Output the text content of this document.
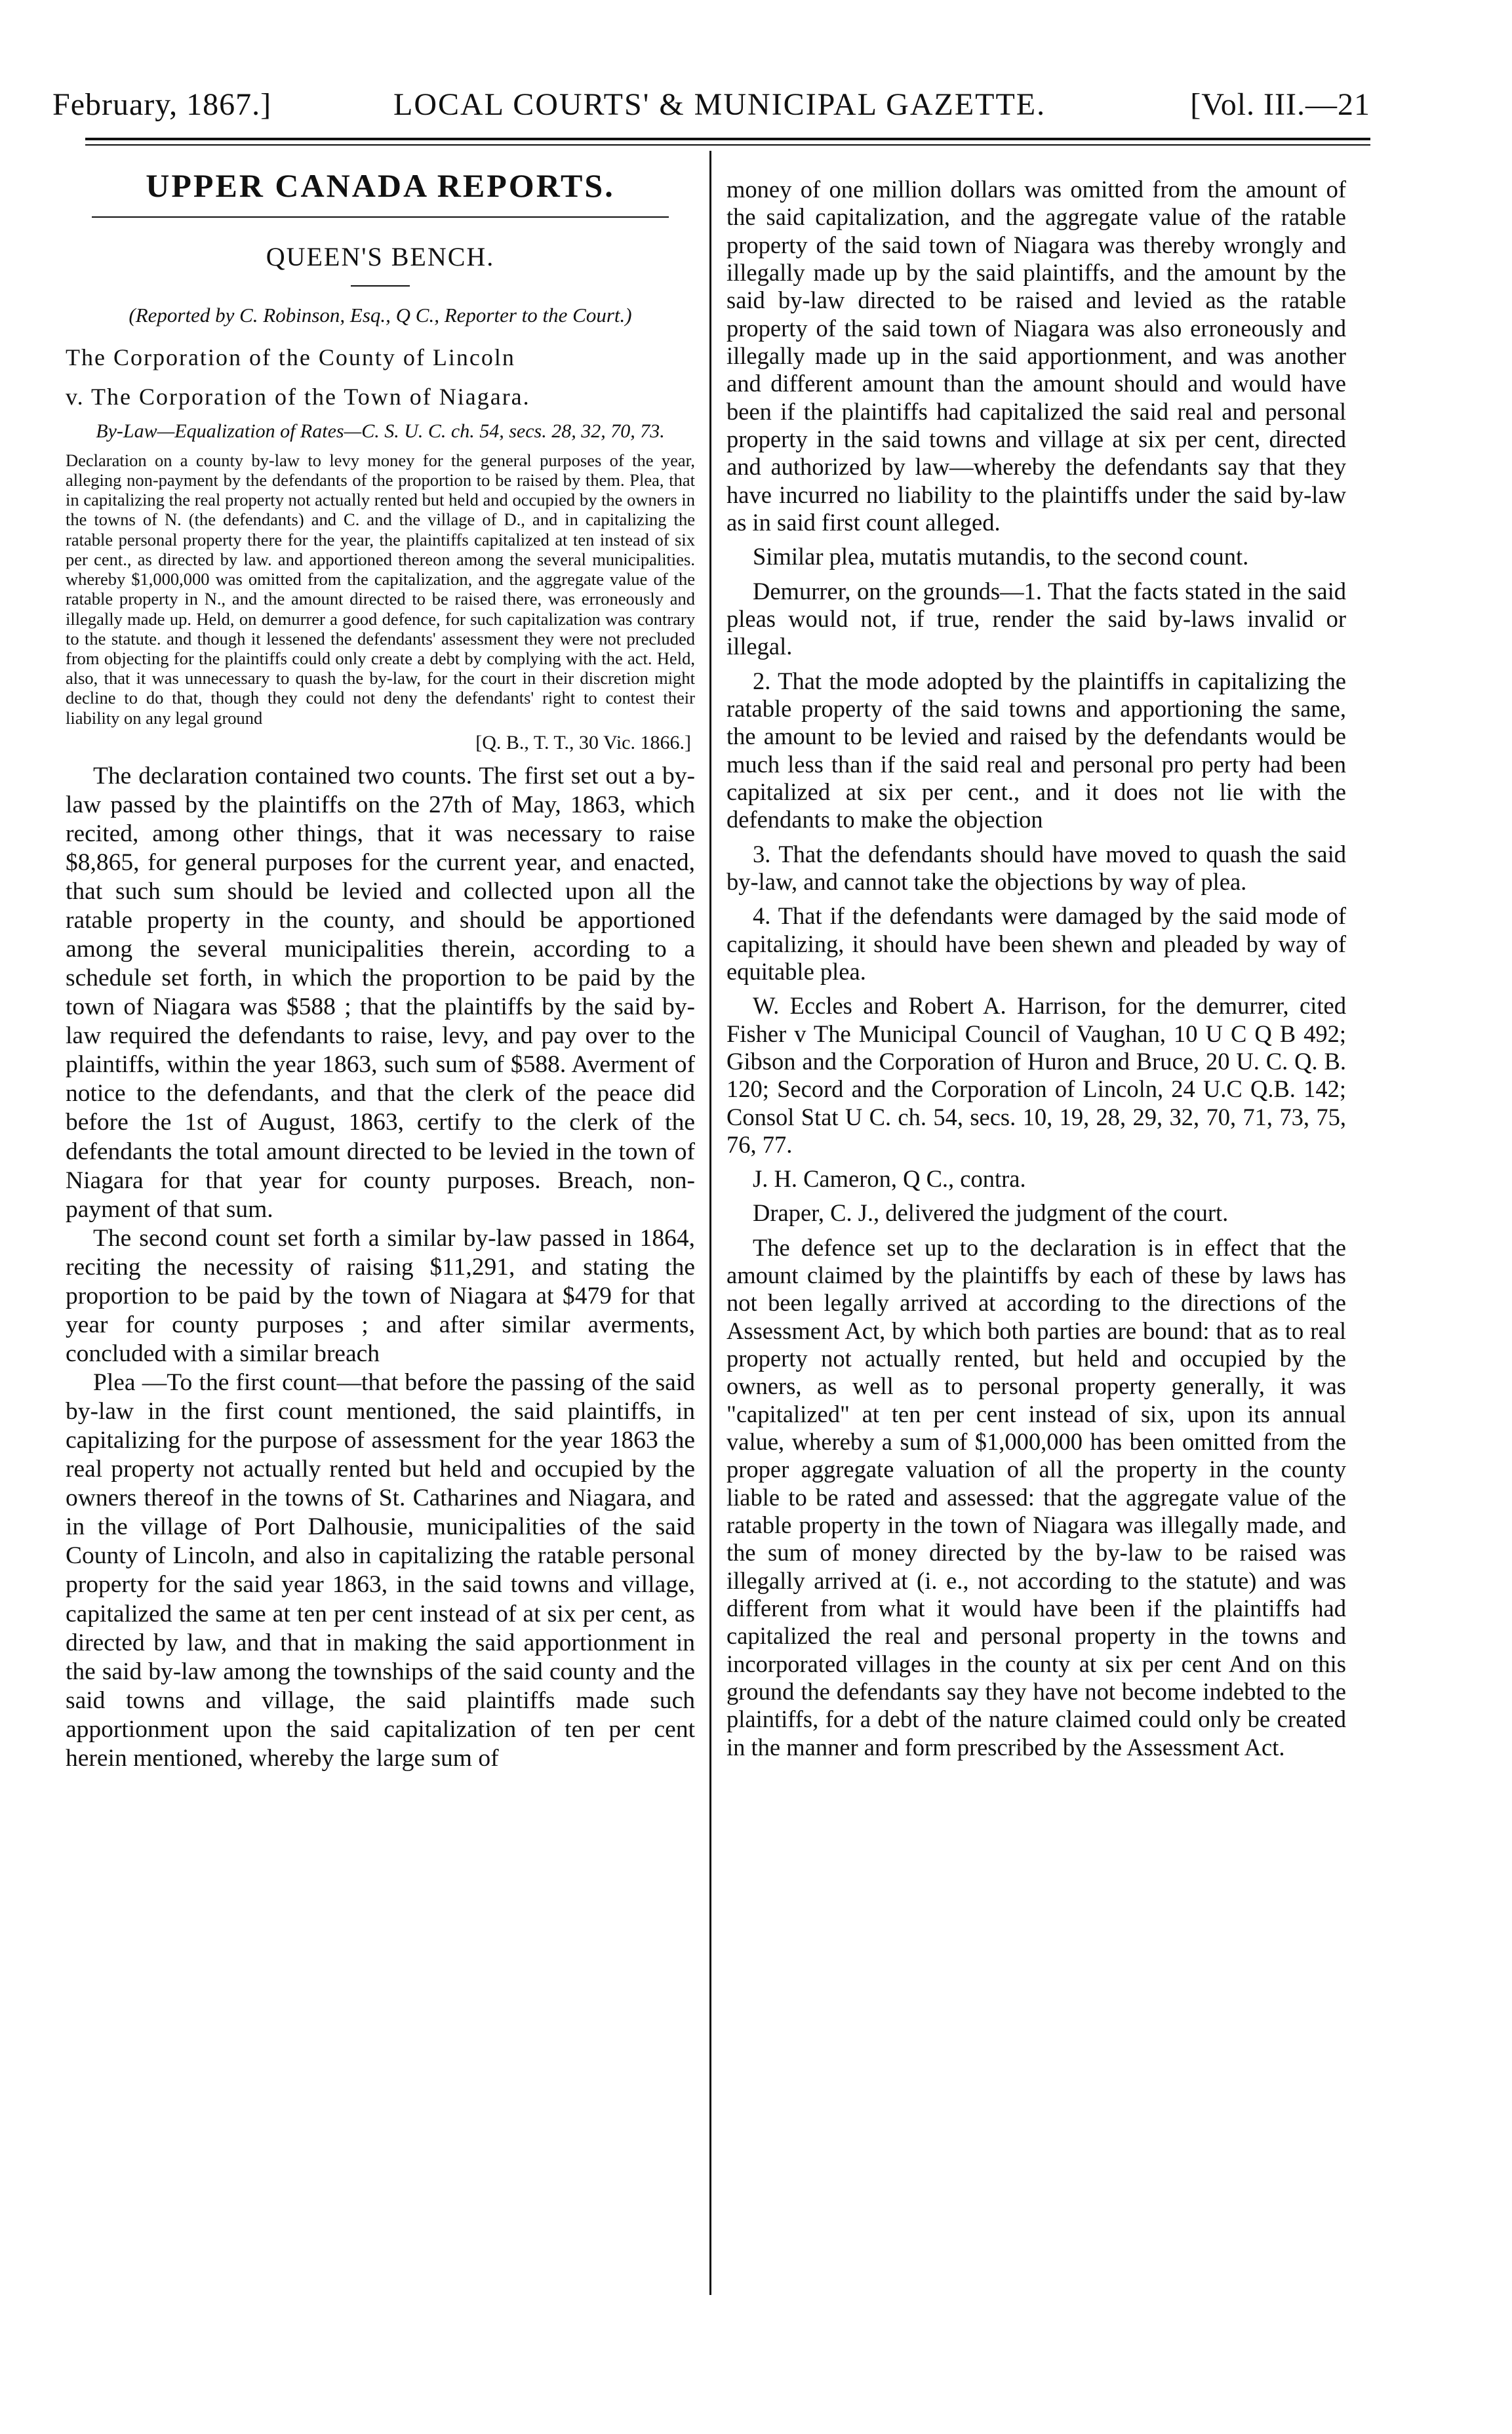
February, 1867.]	LOCAL COURTS' & MUNICIPAL GAZETTE.	[Vol. III.—21
UPPER CANADA REPORTS.
QUEEN'S BENCH.
(Reported by C. Robinson, Esq., Q C., Reporter to the Court.)
The Corporation of the County of Lincoln
v. The Corporation of the Town of Niagara.
By-Law—Equalization of Rates—C. S. U. C. ch. 54, secs. 28, 32, 70, 73.

Declaration on a county by-law to levy money for the general purposes of the year, alleging non-payment by the defendants of the proportion to be raised by them. Plea, that in capitalizing the real property not actually rented but held and occupied by the owners in the towns of N. (the defendants) and C. and the village of D., and in capitalizing the ratable personal property there for the year, the plaintiffs capitalized at ten instead of six per cent., as directed by law. and apportioned thereon among the several municipalities. whereby $1,000,000 was omitted from the capitalization, and the aggregate value of the ratable property in N., and the amount directed to be raised there, was erroneously and illegally made up. Held, on demurrer a good defence, for such capitalization was contrary to the statute. and though it lessened the defendants' assessment they were not precluded from objecting for the plaintiffs could only create a debt by complying with the act. Held, also, that it was unnecessary to quash the by-law, for the court in their discretion might decline to do that, though they could not deny the defendants' right to contest their liability on any legal ground

[Q. B., T. T., 30 Vic. 1866.]

The declaration contained two counts. The first set out a by-law passed by the plaintiffs on the 27th of May, 1863, which recited, among other things, that it was necessary to raise $8,865, for general purposes for the current year, and enacted, that such sum should be levied and collected upon all the ratable property in the county, and should be apportioned among the several municipalities therein, according to a schedule set forth, in which the proportion to be paid by the town of Niagara was $588 ; that the plaintiffs by the said by-law required the defendants to raise, levy, and pay over to the plaintiffs, within the year 1863, such sum of $588. Averment of notice to the defendants, and that the clerk of the peace did before the 1st of August, 1863, certify to the clerk of the defendants the total amount directed to be levied in the town of Niagara for that year for county purposes. Breach, non-payment of that sum.

The second count set forth a similar by-law passed in 1864, reciting the necessity of raising $11,291, and stating the proportion to be paid by the town of Niagara at $479 for that year for county purposes ; and after similar averments, concluded with a similar breach

Plea —To the first count—that before the passing of the said by-law in the first count mentioned, the said plaintiffs, in capitalizing for the purpose of assessment for the year 1863 the real property not actually rented but held and occupied by the owners thereof in the towns of St. Catharines and Niagara, and in the village of Port Dalhousie, municipalities of the said County of Lincoln, and also in capitalizing the ratable personal property for the said year 1863, in the said towns and village, capitalized the same at ten per cent instead of at six per cent, as directed by law, and that in making the said apportionment in the said by-law among the townships of the said county and the said towns and village, the said plaintiffs made such apportionment upon the said capitalization of ten per cent herein mentioned, whereby the large sum of

money of one million dollars was omitted from the amount of the said capitalization, and the aggregate value of the ratable property of the said town of Niagara was thereby wrongly and illegally made up by the said plaintiffs, and the amount by the said by-law directed to be raised and levied as the ratable property of the said town of Niagara was also erroneously and illegally made up in the said apportionment, and was another and different amount than the amount should and would have been if the plaintiffs had capitalized the said real and personal property in the said towns and village at six per cent, directed and authorized by law—whereby the defendants say that they have incurred no liability to the plaintiffs under the said by-law as in said first count alleged.

Similar plea, mutatis mutandis, to the second count.

Demurrer, on the grounds—1. That the facts stated in the said pleas would not, if true, render the said by-laws invalid or illegal.

2. That the mode adopted by the plaintiffs in capitalizing the ratable property of the said towns and apportioning the same, the amount to be levied and raised by the defendants would be much less than if the said real and personal pro perty had been capitalized at six per cent., and it does not lie with the defendants to make the objection

3. That the defendants should have moved to quash the said by-law, and cannot take the objections by way of plea.

4. That if the defendants were damaged by the said mode of capitalizing, it should have been shewn and pleaded by way of equitable plea.

W. Eccles and Robert A. Harrison, for the demurrer, cited Fisher v The Municipal Council of Vaughan, 10 U C Q B 492; Gibson and the Corporation of Huron and Bruce, 20 U. C. Q. B. 120; Secord and the Corporation of Lincoln, 24 U.C Q.B. 142; Consol Stat U C. ch. 54, secs. 10, 19, 28, 29, 32, 70, 71, 73, 75, 76, 77.

J. H. Cameron, Q C., contra.

Draper, C. J., delivered the judgment of the court.

The defence set up to the declaration is in effect that the amount claimed by the plaintiffs by each of these by laws has not been legally arrived at according to the directions of the Assessment Act, by which both parties are bound: that as to real property not actually rented, but held and occupied by the owners, as well as to personal property generally, it was "capitalized" at ten per cent instead of six, upon its annual value, whereby a sum of $1,000,000 has been omitted from the proper aggregate valuation of all the property in the county liable to be rated and assessed: that the aggregate value of the ratable property in the town of Niagara was illegally made, and the sum of money directed by the by-law to be raised was illegally arrived at (i. e., not according to the statute) and was different from what it would have been if the plaintiffs had capitalized the real and personal property in the towns and incorporated villages in the county at six per cent And on this ground the defendants say they have not become indebted to the plaintiffs, for a debt of the nature claimed could only be created in the manner and form prescribed by the Assessment Act.
